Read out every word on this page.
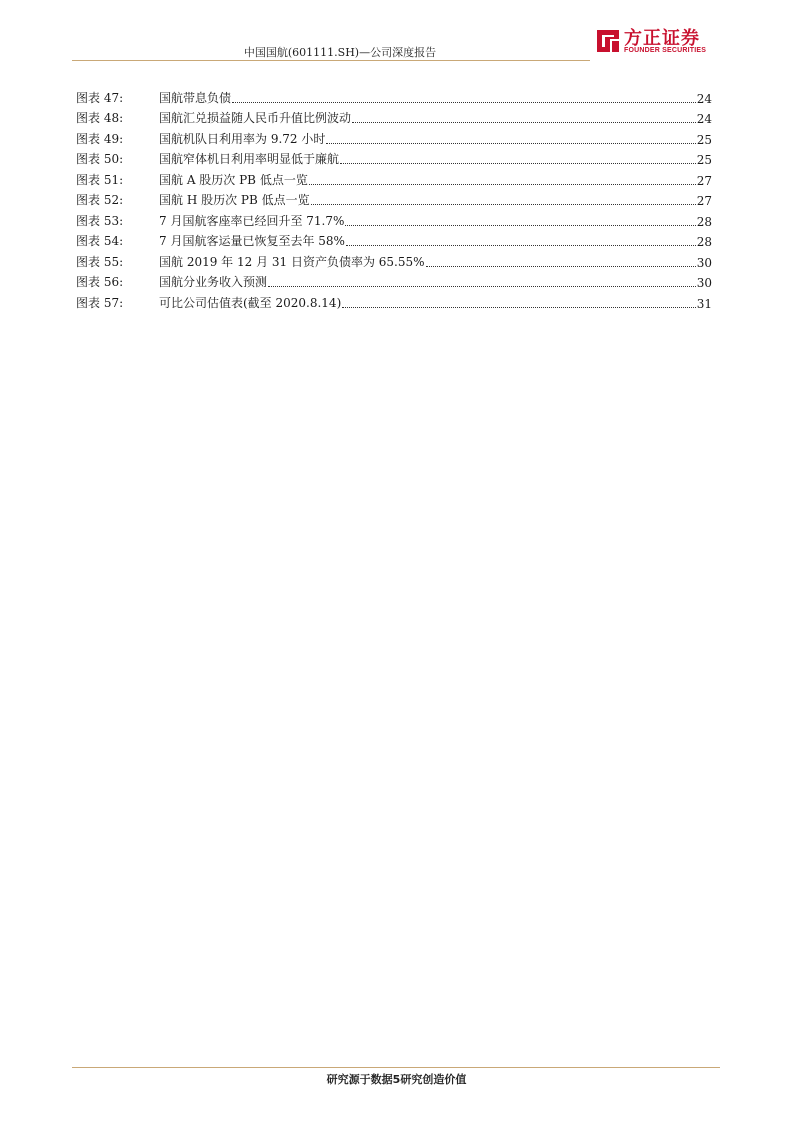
中国国航(601111.SH)—公司深度报告
方正证券
FOUNDER SECURITIES
图表 47:	国航带息负债	24
图表 48:	国航汇兑损益随人民币升值比例波动	24
图表 49:	国航机队日利用率为 9.72 小时	25
图表 50:	国航窄体机日利用率明显低于廉航	25
图表 51:	国航 A 股历次 PB 低点一览	27
图表 52:	国航 H 股历次 PB 低点一览	27
图表 53:	7 月国航客座率已经回升至 71.7%	28
图表 54:	7 月国航客运量已恢复至去年 58%	28
图表 55:	国航 2019 年 12 月 31 日资产负债率为 65.55%	30
图表 56:	国航分业务收入预测	30
图表 57:	可比公司估值表(截至 2020.8.14)	31
研究源于数据5研究创造价值
